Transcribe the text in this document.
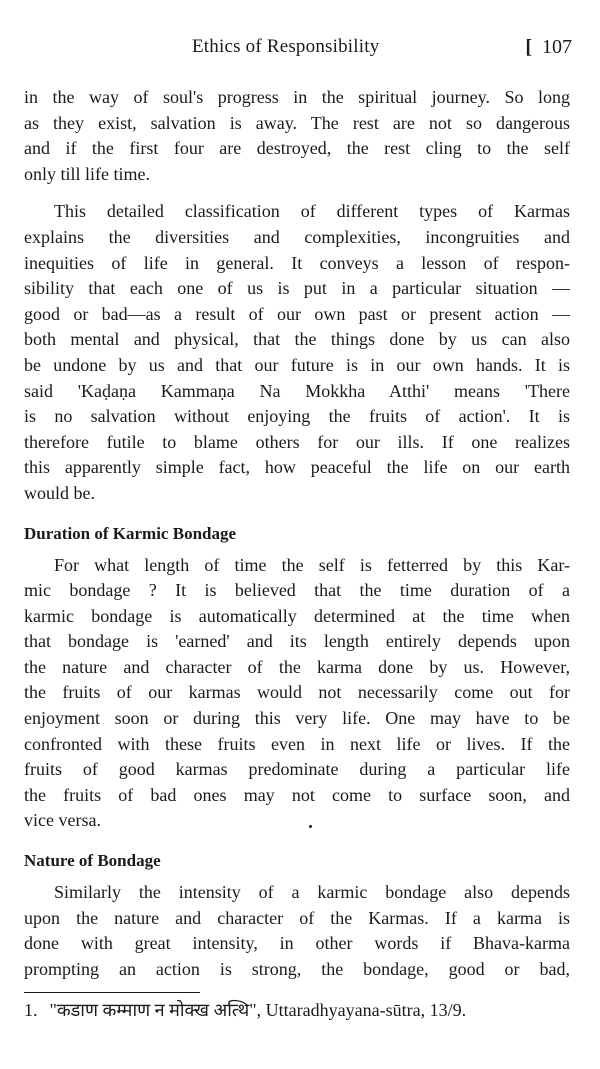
Ethics of Responsibility	[ 107

in the way of soul's progress in the spiritual journey. So long
as they exist, salvation is away. The rest are not so dangerous
and if the first four are destroyed, the rest cling to the self
only till life time.

This detailed classification of different types of Karmas
explains the diversities and complexities, incongruities and
inequities of life in general. It conveys a lesson of respon-
sibility that each one of us is put in a particular situation —
good or bad—as a result of our own past or present action —
both mental and physical, that the things done by us can also
be undone by us and that our future is in our own hands. It is
said 'Kaḍaṇa Kammaṇa Na Mokkha Atthi' means 'There
is no salvation without enjoying the fruits of action'. It is
therefore futile to blame others for our ills. If one realizes
this apparently simple fact, how peaceful the life on our earth
would be.

Duration of Karmic Bondage

For what length of time the self is fetterred by this Kar-
mic bondage ? It is believed that the time duration of a
karmic bondage is automatically determined at the time when
that bondage is 'earned' and its length entirely depends upon
the nature and character of the karma done by us. However,
the fruits of our karmas would not necessarily come out for
enjoyment soon or during this very life. One may have to be
confronted with these fruits even in next life or lives. If the
fruits of good karmas predominate during a particular life
the fruits of bad ones may not come to surface soon, and
vice versa.

Nature of Bondage

Similarly the intensity of a karmic bondage also depends
upon the nature and character of the Karmas. If a karma is
done with great intensity, in other words if Bhava-karma
prompting an action is strong, the bondage, good or bad,

1. "कडाण कम्माण न मोक्ख अत्थि", Uttaradhyayana-sūtra, 13/9.
